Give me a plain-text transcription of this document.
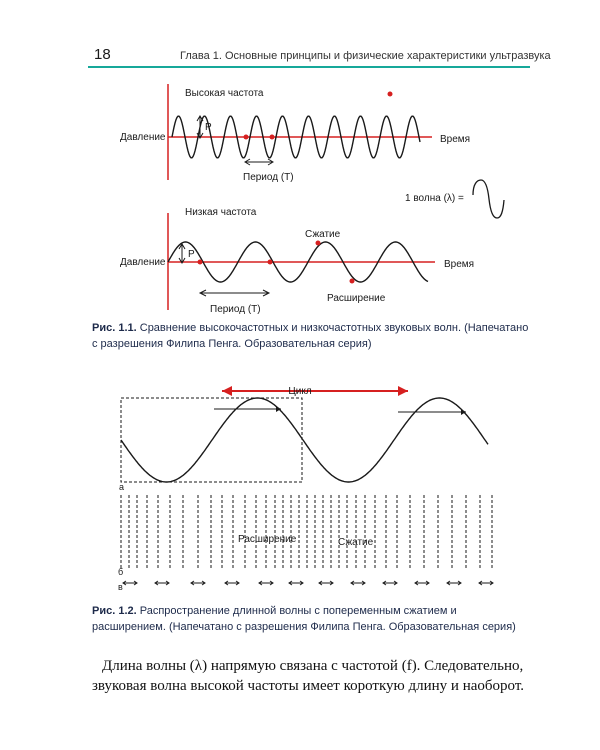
18	Глава 1. Основные принципы и физические характеристики ультразвука
Высокая частота
Давление	Время
P
Период (T)
1 волна (λ) =
Низкая частота
Давление	Время
P
Сжатие
Расширение
Период (T)
Цикл
а
Расширение	Сжатие
б
в
Рис. 1.1. Сравнение высокочастотных и низкочастотных звуковых волн. (Напечатано с разрешения Филипа Пенга. Образовательная серия)
Рис. 1.2. Распространение длинной волны с попеременным сжатием и расширением. (Напечатано с разрешения Филипа Пенга. Образовательная серия)
Длина волны (λ) напрямую связана с частотой (f). Следовательно, звуковая волна высокой частоты имеет короткую длину и наоборот.
